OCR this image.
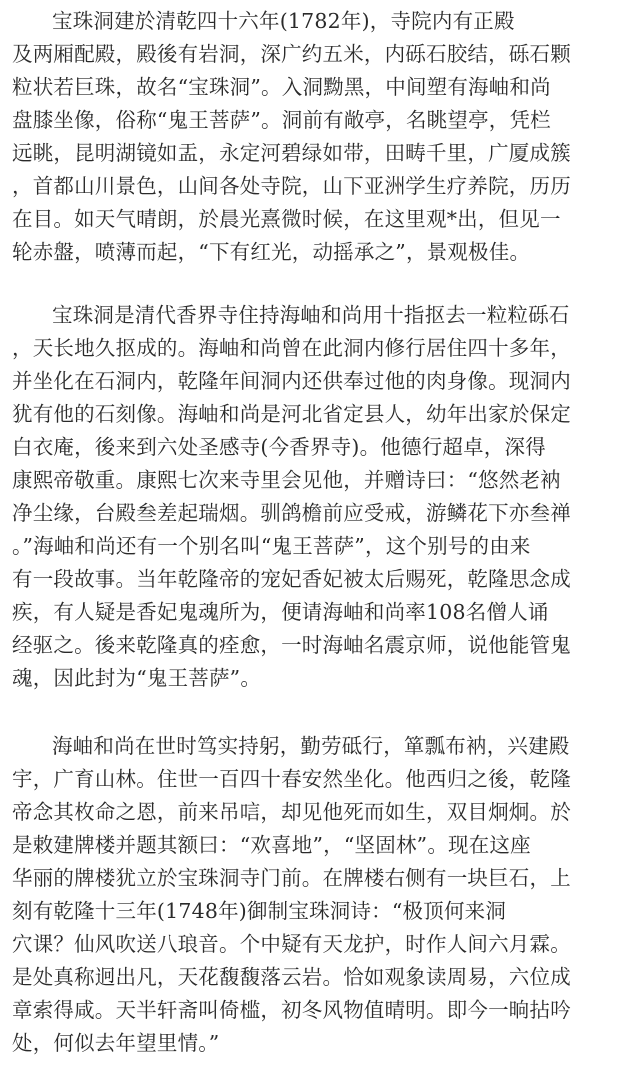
宝珠洞建於清乾四十六年(1782年)，寺院内有正殿
及两厢配殿，殿後有岩洞，深广约五米，内砾石胶结，砾石颗
粒状若巨珠，故名“宝珠洞”。入洞黝黑，中间塑有海岫和尚
盘膝坐像，俗称“鬼王菩萨”。洞前有敞亭，名眺望亭，凭栏
远眺，昆明湖镜如盂，永定河碧绿如带，田畴千里，广厦成簇
，首都山川景色，山间各处寺院，山下亚洲学生疗养院，历历
在目。如天气晴朗，於晨光熹微时候，在这里观*出，但见一
轮赤盤，喷薄而起，“下有红光，动摇承之”，景观极佳。
宝珠洞是清代香界寺住持海岫和尚用十指抠去一粒粒砾石
，天长地久抠成的。海岫和尚曾在此洞内修行居住四十多年，
并坐化在石洞内，乾隆年间洞内还供奉过他的肉身像。现洞内
犹有他的石刻像。海岫和尚是河北省定县人，幼年出家於保定
白衣庵，後来到六处圣感寺(今香界寺)。他德行超卓，深得
康熙帝敬重。康熙七次来寺里会见他，并赠诗曰：“悠然老衲
净尘缘，台殿叁差起瑞烟。驯鸽檐前应受戒，游鳞花下亦叁禅
。”海岫和尚还有一个别名叫“鬼王菩萨”，这个别号的由来
有一段故事。当年乾隆帝的宠妃香妃被太后赐死，乾隆思念成
疾，有人疑是香妃鬼魂所为，便请海岫和尚率108名僧人诵
经驱之。後来乾隆真的痊愈，一时海岫名震京师，说他能管鬼
魂，因此封为“鬼王菩萨”。
海岫和尚在世时笃实持躬，勤劳砥行，箪瓢布衲，兴建殿
宇，广育山林。住世一百四十春安然坐化。他西归之後，乾隆
帝念其枚命之恩，前来吊唁，却见他死而如生，双目炯炯。於
是敕建牌楼并题其额曰：“欢喜地”，“坚固林”。现在这座
华丽的牌楼犹立於宝珠洞寺门前。在牌楼右侧有一块巨石，上
刻有乾隆十三年(1748年)御制宝珠洞诗：“极顶何来洞
穴课？仙风吹送八琅音。个中疑有天龙护，时作人间六月霖。
是处真称迥出凡，天花馥馥落云岩。恰如观象读周易，六位成
章索得咸。天半轩斋叫倚槛，初冬风物值晴明。即今一晌拈吟
处，何似去年望里情。”
